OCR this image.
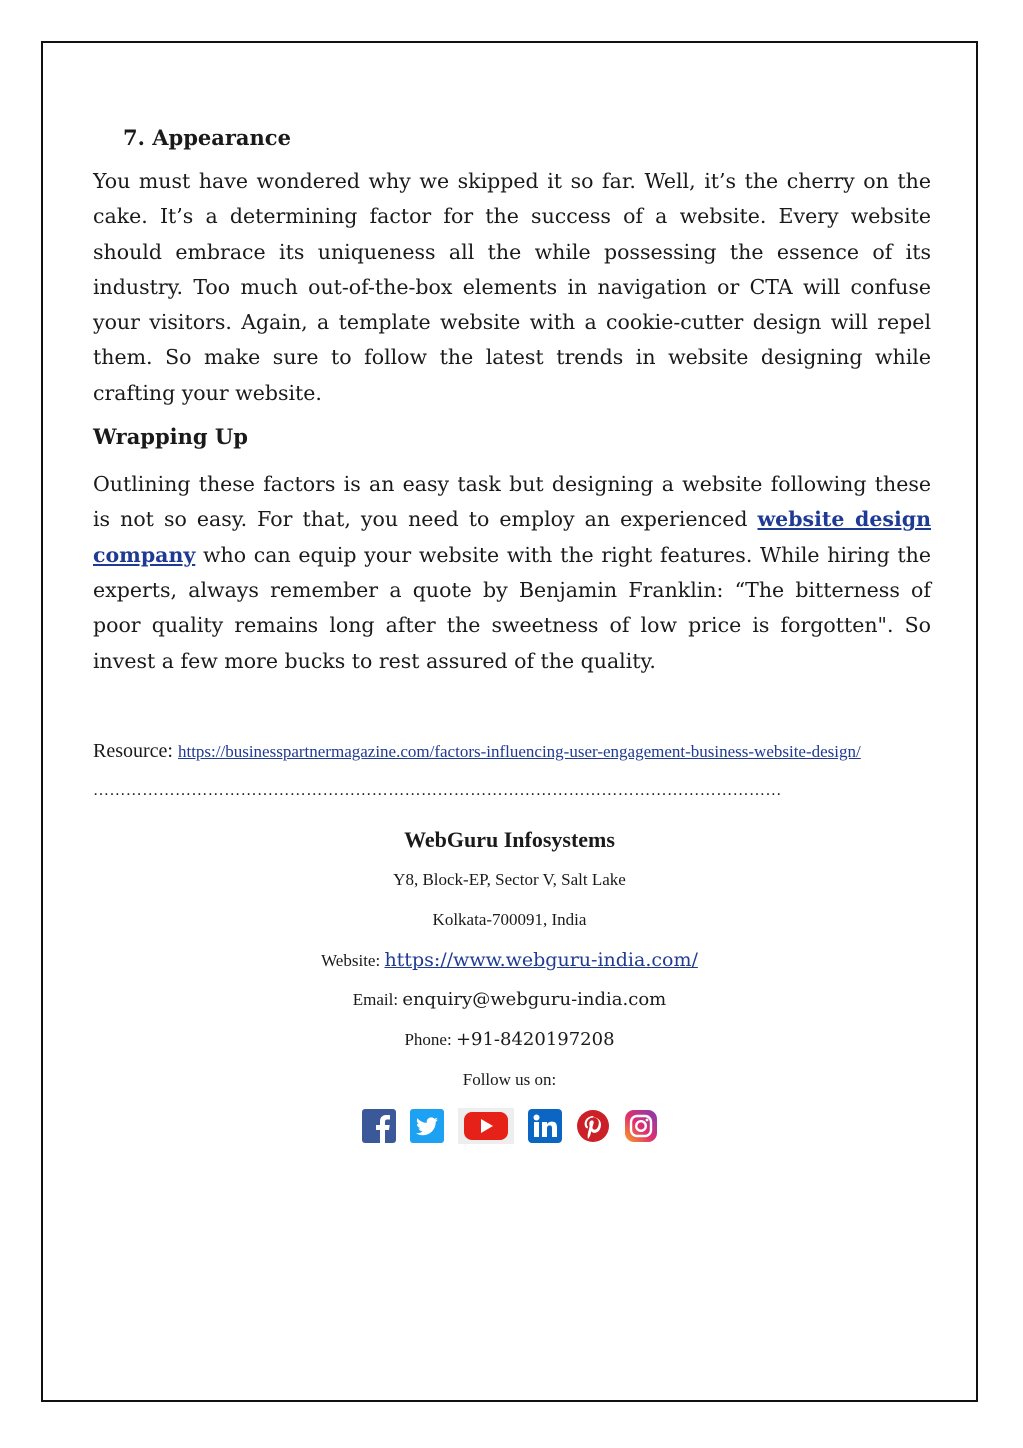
7. Appearance

You must have wondered why we skipped it so far. Well, it’s the cherry on the cake. It’s a determining factor for the success of a website. Every website should embrace its uniqueness all the while possessing the essence of its industry. Too much out-of-the-box elements in navigation or CTA will confuse your visitors. Again, a template website with a cookie-cutter design will repel them. So make sure to follow the latest trends in website designing while crafting your website.

Wrapping Up

Outlining these factors is an easy task but designing a website following these is not so easy. For that, you need to employ an experienced website design company who can equip your website with the right features. While hiring the experts, always remember a quote by Benjamin Franklin: “The bitterness of poor quality remains long after the sweetness of low price is forgotten". So invest a few more bucks to rest assured of the quality.

Resource: https://businesspartnermagazine.com/factors-influencing-user-engagement-business-website-design/

………………………………………………………………………………………………………………

WebGuru Infosystems

Y8, Block-EP, Sector V, Salt Lake

Kolkata-700091, India

Website: https://www.webguru-india.com/

Email: enquiry@webguru-india.com

Phone: +91-8420197208

Follow us on:
